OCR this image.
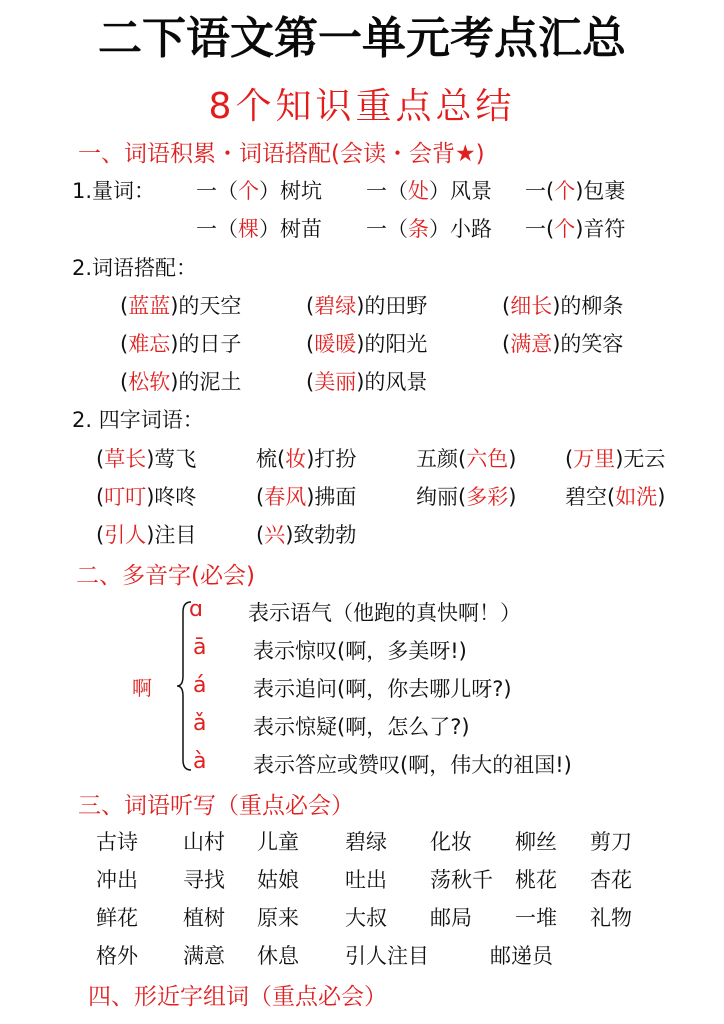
二下语文第一单元考点汇总
8个知识重点总结
一、词语积累・词语搭配(会读・会背★)
1.量词： 一（个）树坑 一（处）风景 一(个)包裹
一（棵）树苗 一（条）小路 一(个)音符
2.词语搭配：
(蓝蓝)的天空	(碧绿)的田野	(细长)的柳条
(难忘)的日子	(暖暖)的阳光	(满意)的笑容
(松软)的泥土	(美丽)的风景
2. 四字词语：
(草长)莺飞	梳(妆)打扮	五颜(六色) (万里)无云
(叮叮)咚咚	(春风)拂面	绚丽(多彩) 碧空(如洗)
(引人)注目	(兴)致勃勃
二、多音字(必会)
啊
ɑ 表示语气（他跑的真快啊！）
ā 表示惊叹(啊，多美呀!)
á 表示追问(啊，你去哪儿呀?)
ǎ 表示惊疑(啊，怎么了?)
à 表示答应或赞叹(啊，伟大的祖国!)
三、词语听写（重点必会）
古诗 山村 儿童 碧绿 化妆 柳丝 剪刀
冲出 寻找 姑娘 吐出 荡秋千 桃花 杏花
鲜花 植树 原来 大叔 邮局 一堆 礼物
格外 满意 休息 引人注目	邮递员
四、形近字组词（重点必会）
